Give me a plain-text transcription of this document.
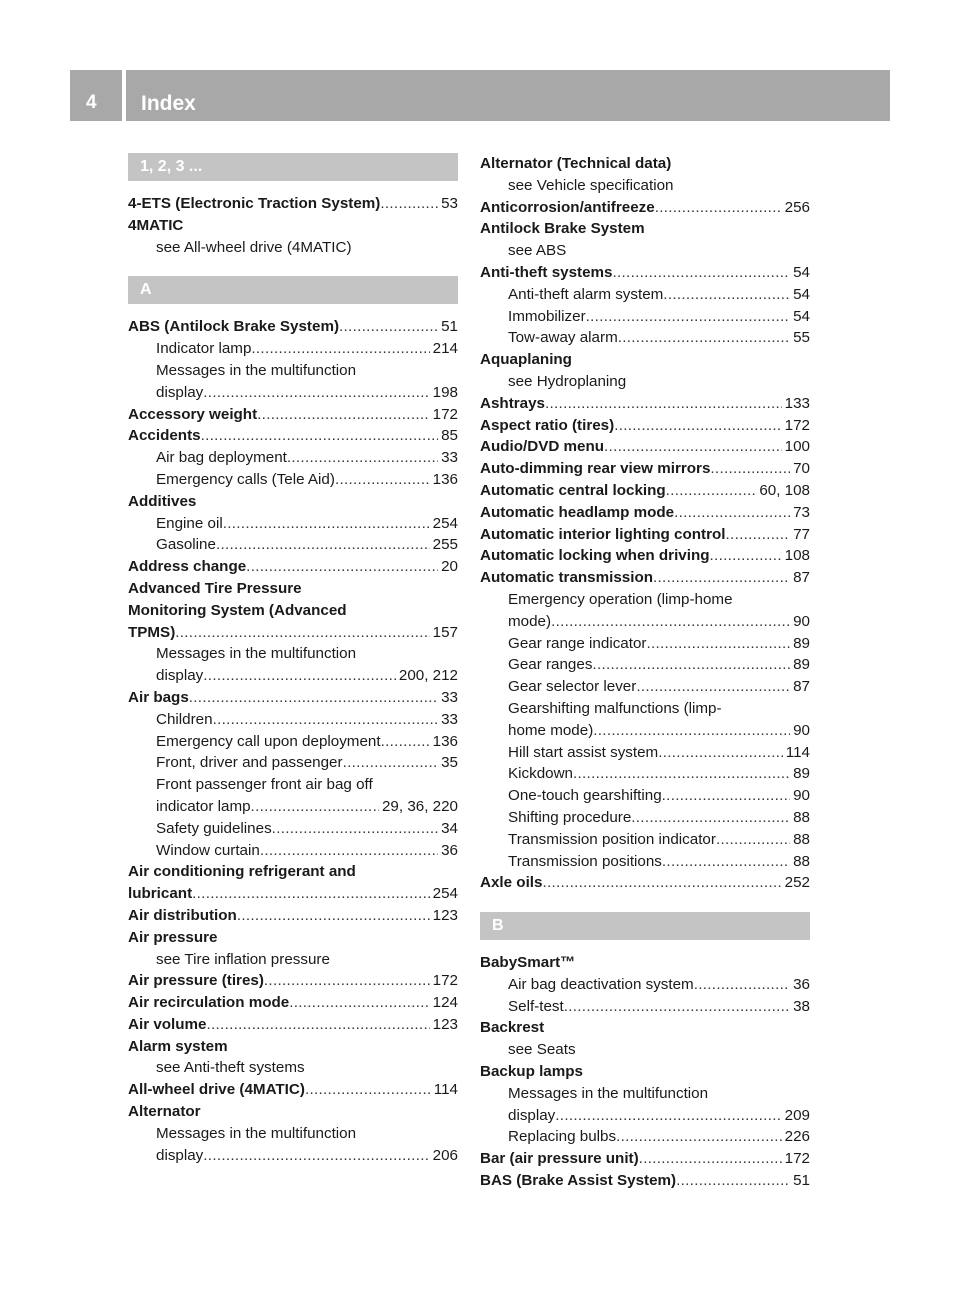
4 Index
1, 2, 3 ...
4-ETS (Electronic Traction System) .....	53
4MATIC
see All-wheel drive (4MATIC)
A
ABS (Antilock Brake System) .....	51
Indicator lamp .....	214
Messages in the multifunction
display .....	198
Accessory weight .....	172
Accidents .....	85
Air bag deployment .....	33
Emergency calls (Tele Aid) .....	136
Additives
Engine oil .....	254
Gasoline .....	255
Address change .....	20
Advanced Tire Pressure
Monitoring System (Advanced
TPMS) .....	157
Messages in the multifunction
display .....	200, 212
Air bags .....	33
Children .....	33
Emergency call upon deployment .....	136
Front, driver and passenger .....	35
Front passenger front air bag off
indicator lamp .....	29, 36, 220
Safety guidelines .....	34
Window curtain .....	36
Air conditioning refrigerant and
lubricant .....	254
Air distribution .....	123
Air pressure
see Tire inflation pressure
Air pressure (tires) .....	172
Air recirculation mode .....	124
Air volume .....	123
Alarm system
see Anti-theft systems
All-wheel drive (4MATIC) .....	114
Alternator
Messages in the multifunction
display .....	206
Alternator (Technical data)
see Vehicle specification
Anticorrosion/antifreeze .....	256
Antilock Brake System
see ABS
Anti-theft systems .....	54
Anti-theft alarm system .....	54
Immobilizer .....	54
Tow-away alarm .....	55
Aquaplaning
see Hydroplaning
Ashtrays .....	133
Aspect ratio (tires) .....	172
Audio/DVD menu .....	100
Auto-dimming rear view mirrors .....	70
Automatic central locking .....	60, 108
Automatic headlamp mode .....	73
Automatic interior lighting control .....	77
Automatic locking when driving .....	108
Automatic transmission .....	87
Emergency operation (limp-home
mode) .....	90
Gear range indicator .....	89
Gear ranges .....	89
Gear selector lever .....	87
Gearshifting malfunctions (limp-
home mode) .....	90
Hill start assist system .....	114
Kickdown .....	89
One-touch gearshifting .....	90
Shifting procedure .....	88
Transmission position indicator .....	88
Transmission positions .....	88
Axle oils .....	252
B
BabySmart™
Air bag deactivation system .....	36
Self-test .....	38
Backrest
see Seats
Backup lamps
Messages in the multifunction
display .....	209
Replacing bulbs .....	226
Bar (air pressure unit) .....	172
BAS (Brake Assist System) .....	51
